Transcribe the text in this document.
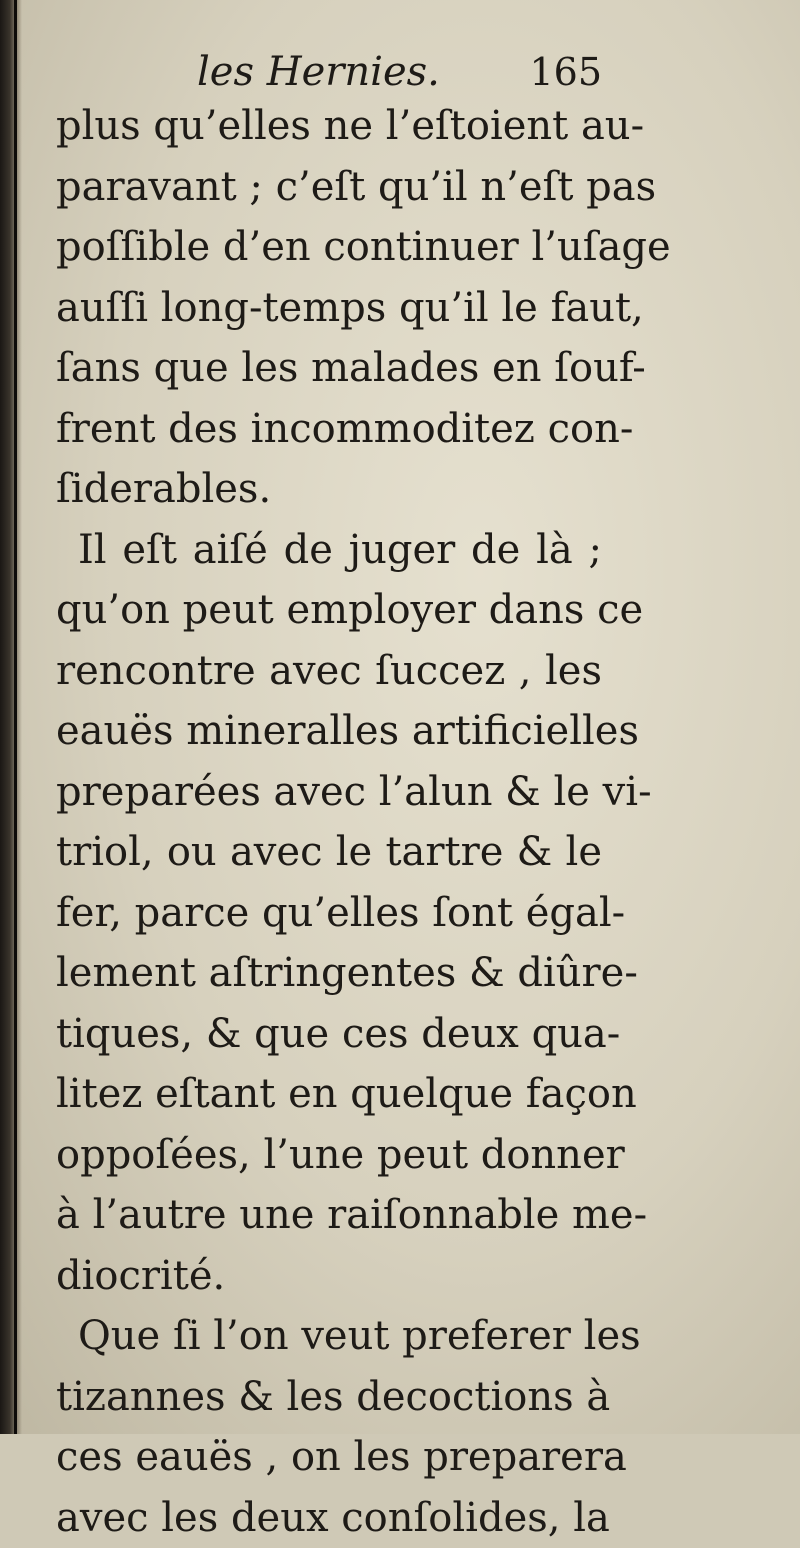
les Hernies. 165
plus qu’elles ne l’eſtoient au-
paravant ; c’eſt qu’il n’eſt pas
poſſible d’en continuer l’uſage
auſſi long-temps qu’il le faut,
ſans que les malades en ſouf-
frent des incommoditez con-
ſiderables.
Il eſt aiſé de juger de là ;
qu’on peut employer dans ce
rencontre avec ſuccez , les
eauës mineralles artificielles
preparées avec l’alun & le vi-
triol, ou avec le tartre & le
fer, parce qu’elles ſont égal-
lement aſtringentes & diûre-
tiques, & que ces deux qua-
litez eſtant en quelque façon
oppoſées, l’une peut donner
à l’autre une raiſonnable me-
diocrité.
Que ſi l’on veut preferer les
tizannes & les decoctions à
ces eauës , on les preparera
avec les deux conſolides, la
